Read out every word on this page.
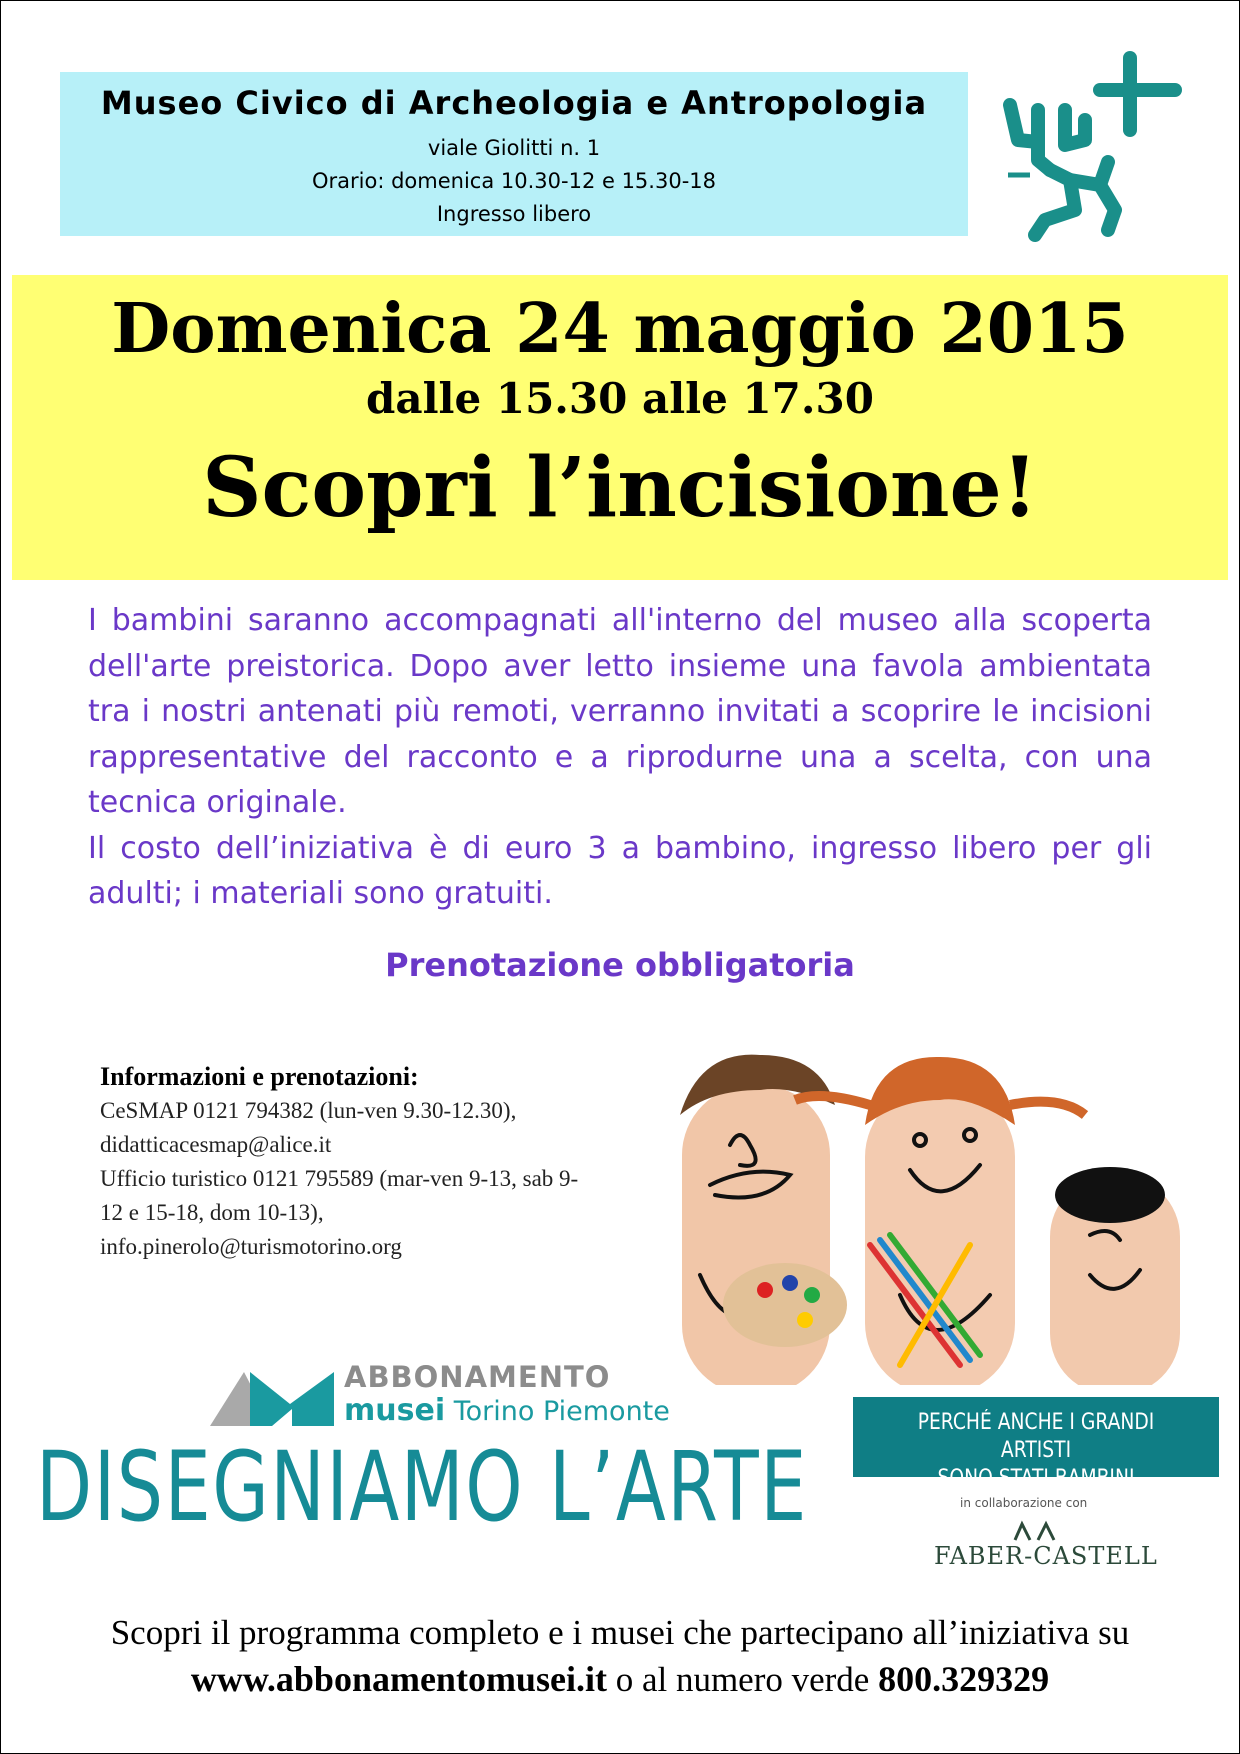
Museo Civico di Archeologia e Antropologia
viale Giolitti n. 1
Orario: domenica 10.30-12 e 15.30-18
Ingresso libero
Domenica 24 maggio 2015
dalle 15.30 alle 17.30
Scopri l’incisione!

I bambini saranno accompagnati all'interno del museo alla scoperta dell'arte preistorica. Dopo aver letto insieme una favola ambientata tra i nostri antenati più remoti, verranno invitati a scoprire le incisioni rappresentative del racconto e a riprodurne una a scelta, con una tecnica originale.

Il costo dell’iniziativa è di euro 3 a bambino, ingresso libero per gli adulti; i materiali sono gratuiti.

Prenotazione obbligatoria
Informazioni e prenotazioni:
CeSMAP 0121 794382 (lun-ven 9.30-12.30), didatticacesmap@alice.it
Ufficio turistico 0121 795589 (mar-ven 9-13, sab 9-12 e 15-18, dom 10-13), info.pinerolo@turismotorino.org
ABBONAMENTO
musei Torino Piemonte
DISEGNIAMO L’ARTE
PERCHÉ ANCHE I GRANDI ARTISTI
SONO STATI BAMBINI
in collaborazione con
FABER-CASTELL
Scopri il programma completo e i musei che partecipano all’iniziativa su
www.abbonamentomusei.it o al numero verde 800.329329
